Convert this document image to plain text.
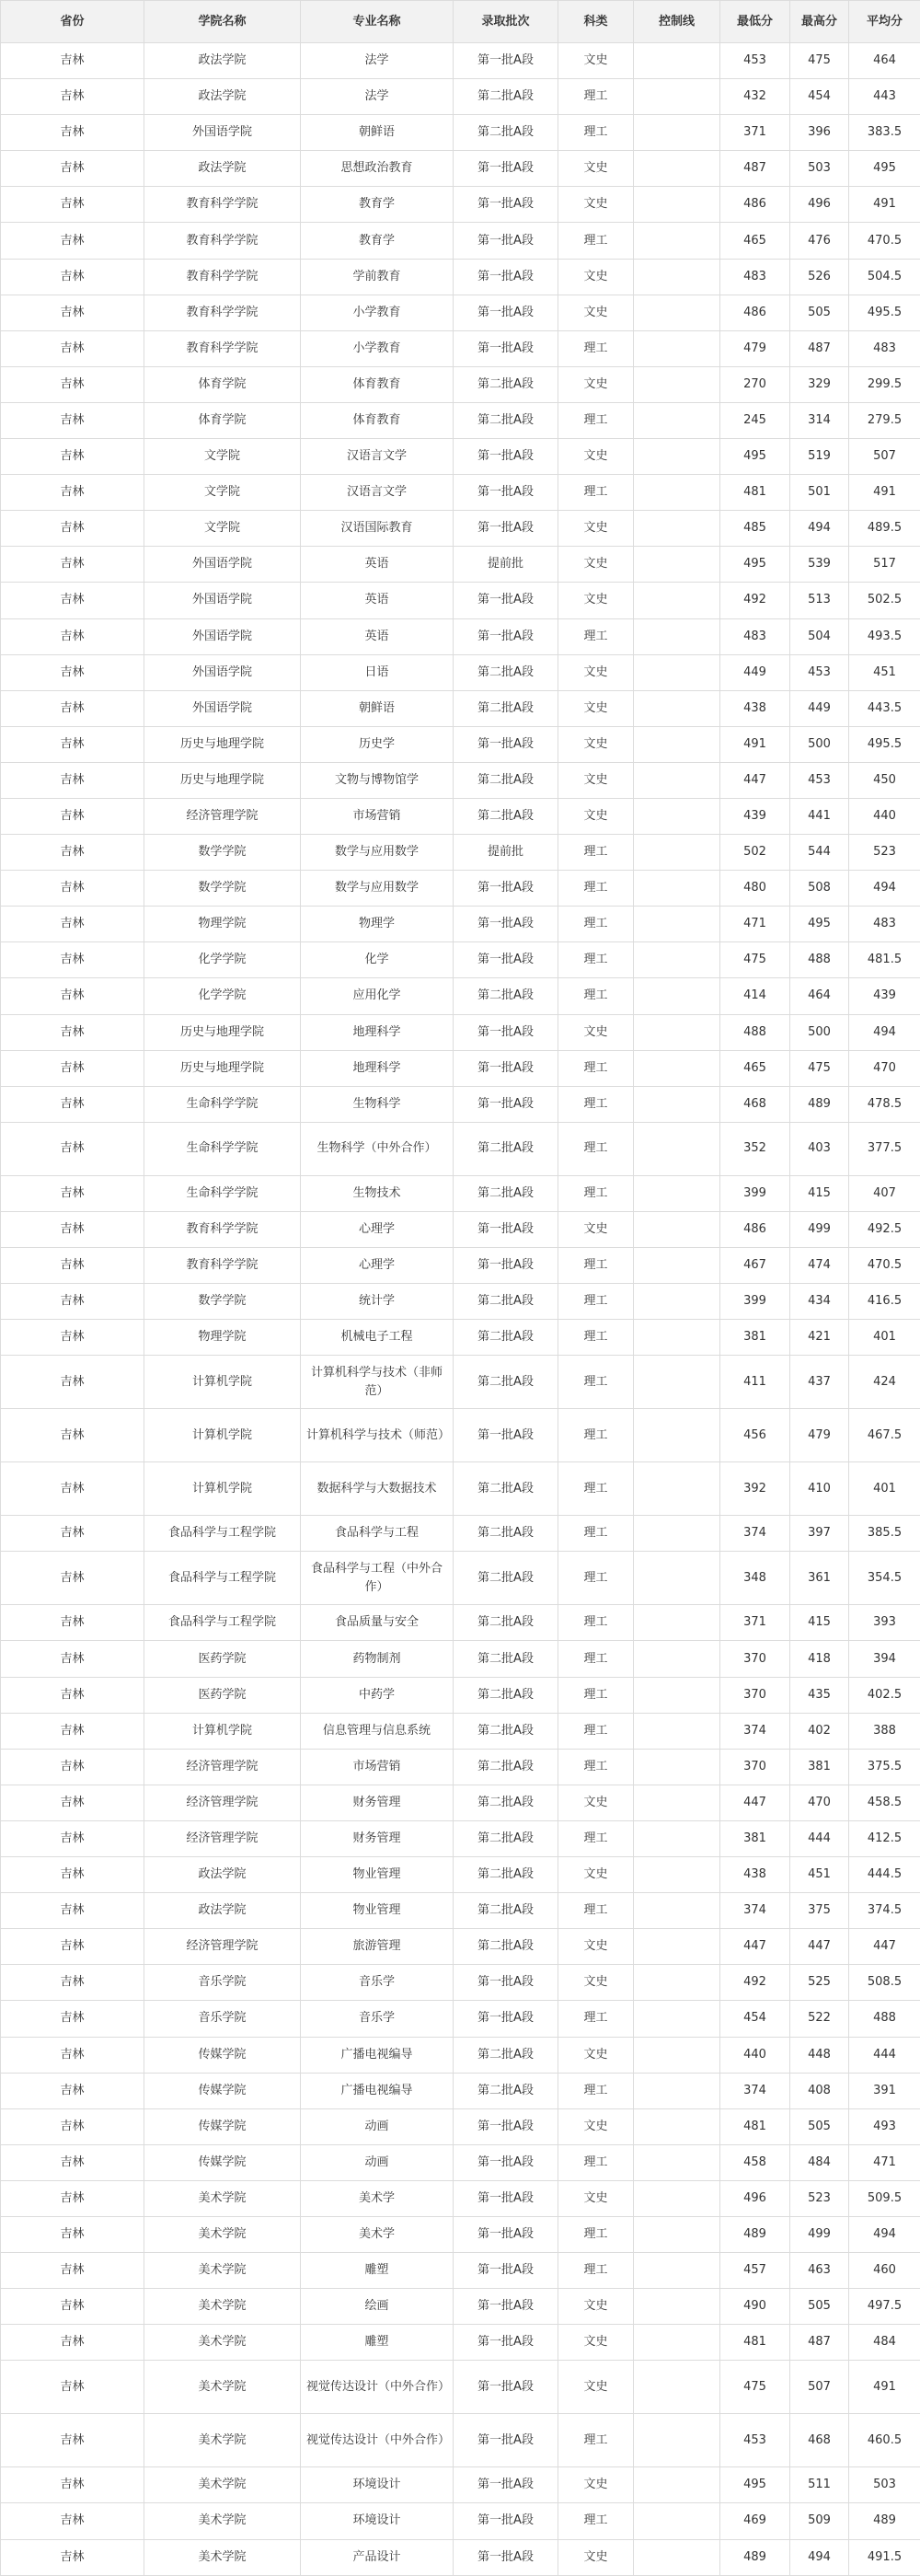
省份	学院名称	专业名称	录取批次	科类	控制线	最低分	最高分	平均分
吉林	政法学院	法学	第一批A段	文史		453	475	464
吉林	政法学院	法学	第二批A段	理工		432	454	443
吉林	外国语学院	朝鲜语	第二批A段	理工		371	396	383.5
吉林	政法学院	思想政治教育	第一批A段	文史		487	503	495
吉林	教育科学学院	教育学	第一批A段	文史		486	496	491
吉林	教育科学学院	教育学	第一批A段	理工		465	476	470.5
吉林	教育科学学院	学前教育	第一批A段	文史		483	526	504.5
吉林	教育科学学院	小学教育	第一批A段	文史		486	505	495.5
吉林	教育科学学院	小学教育	第一批A段	理工		479	487	483
吉林	体育学院	体育教育	第二批A段	文史		270	329	299.5
吉林	体育学院	体育教育	第二批A段	理工		245	314	279.5
吉林	文学院	汉语言文学	第一批A段	文史		495	519	507
吉林	文学院	汉语言文学	第一批A段	理工		481	501	491
吉林	文学院	汉语国际教育	第一批A段	文史		485	494	489.5
吉林	外国语学院	英语	提前批	文史		495	539	517
吉林	外国语学院	英语	第一批A段	文史		492	513	502.5
吉林	外国语学院	英语	第一批A段	理工		483	504	493.5
吉林	外国语学院	日语	第二批A段	文史		449	453	451
吉林	外国语学院	朝鲜语	第二批A段	文史		438	449	443.5
吉林	历史与地理学院	历史学	第一批A段	文史		491	500	495.5
吉林	历史与地理学院	文物与博物馆学	第二批A段	文史		447	453	450
吉林	经济管理学院	市场营销	第二批A段	文史		439	441	440
吉林	数学学院	数学与应用数学	提前批	理工		502	544	523
吉林	数学学院	数学与应用数学	第一批A段	理工		480	508	494
吉林	物理学院	物理学	第一批A段	理工		471	495	483
吉林	化学学院	化学	第一批A段	理工		475	488	481.5
吉林	化学学院	应用化学	第二批A段	理工		414	464	439
吉林	历史与地理学院	地理科学	第一批A段	文史		488	500	494
吉林	历史与地理学院	地理科学	第一批A段	理工		465	475	470
吉林	生命科学学院	生物科学	第一批A段	理工		468	489	478.5
吉林	生命科学学院	生物科学（中外合作）	第二批A段	理工		352	403	377.5
吉林	生命科学学院	生物技术	第二批A段	理工		399	415	407
吉林	教育科学学院	心理学	第一批A段	文史		486	499	492.5
吉林	教育科学学院	心理学	第一批A段	理工		467	474	470.5
吉林	数学学院	统计学	第二批A段	理工		399	434	416.5
吉林	物理学院	机械电子工程	第二批A段	理工		381	421	401
吉林	计算机学院	计算机科学与技术（非师范）	第二批A段	理工		411	437	424
吉林	计算机学院	计算机科学与技术（师范）	第一批A段	理工		456	479	467.5
吉林	计算机学院	数据科学与大数据技术	第二批A段	理工		392	410	401
吉林	食品科学与工程学院	食品科学与工程	第二批A段	理工		374	397	385.5
吉林	食品科学与工程学院	食品科学与工程（中外合作）	第二批A段	理工		348	361	354.5
吉林	食品科学与工程学院	食品质量与安全	第二批A段	理工		371	415	393
吉林	医药学院	药物制剂	第二批A段	理工		370	418	394
吉林	医药学院	中药学	第二批A段	理工		370	435	402.5
吉林	计算机学院	信息管理与信息系统	第二批A段	理工		374	402	388
吉林	经济管理学院	市场营销	第二批A段	理工		370	381	375.5
吉林	经济管理学院	财务管理	第二批A段	文史		447	470	458.5
吉林	经济管理学院	财务管理	第二批A段	理工		381	444	412.5
吉林	政法学院	物业管理	第二批A段	文史		438	451	444.5
吉林	政法学院	物业管理	第二批A段	理工		374	375	374.5
吉林	经济管理学院	旅游管理	第二批A段	文史		447	447	447
吉林	音乐学院	音乐学	第一批A段	文史		492	525	508.5
吉林	音乐学院	音乐学	第一批A段	理工		454	522	488
吉林	传媒学院	广播电视编导	第二批A段	文史		440	448	444
吉林	传媒学院	广播电视编导	第二批A段	理工		374	408	391
吉林	传媒学院	动画	第一批A段	文史		481	505	493
吉林	传媒学院	动画	第一批A段	理工		458	484	471
吉林	美术学院	美术学	第一批A段	文史		496	523	509.5
吉林	美术学院	美术学	第一批A段	理工		489	499	494
吉林	美术学院	雕塑	第一批A段	理工		457	463	460
吉林	美术学院	绘画	第一批A段	文史		490	505	497.5
吉林	美术学院	雕塑	第一批A段	文史		481	487	484
吉林	美术学院	视觉传达设计（中外合作）	第一批A段	文史		475	507	491
吉林	美术学院	视觉传达设计（中外合作）	第一批A段	理工		453	468	460.5
吉林	美术学院	环境设计	第一批A段	文史		495	511	503
吉林	美术学院	环境设计	第一批A段	理工		469	509	489
吉林	美术学院	产品设计	第一批A段	文史		489	494	491.5
